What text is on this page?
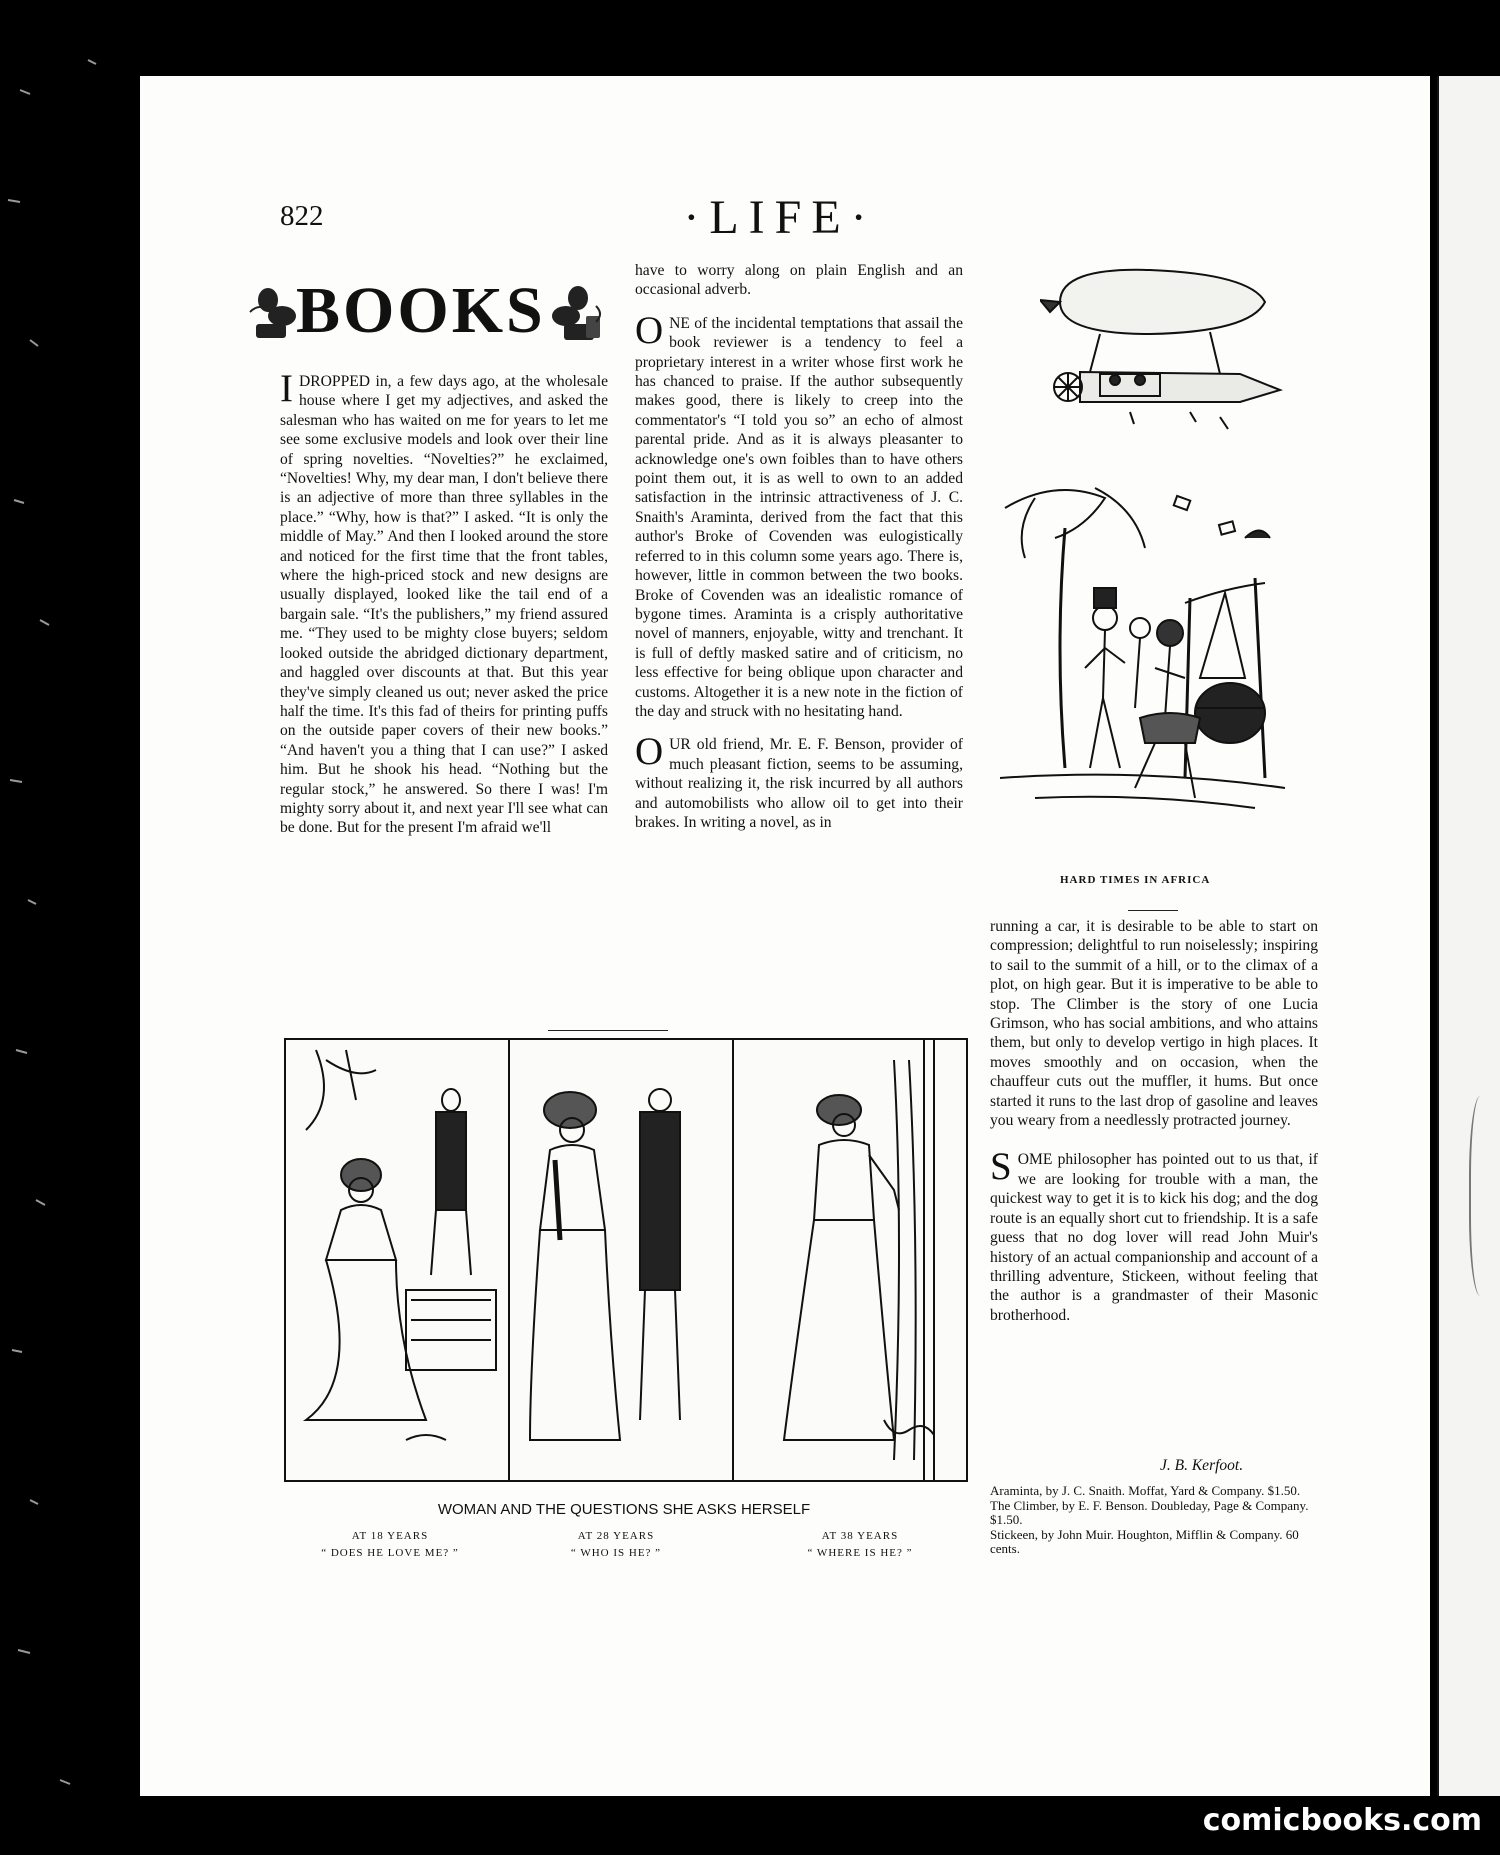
822	·LIFE·
BOOKS

IDROPPED in, a few days ago, at the wholesale house where I get my adjectives, and asked the salesman who has waited on me for years to let me see some exclusive models and look over their line of spring novelties. “Novelties?” he exclaimed, “Novelties! Why, my dear man, I don't believe there is an adjective of more than three syllables in the place.” “Why, how is that?” I asked. “It is only the middle of May.” And then I looked around the store and noticed for the first time that the front tables, where the high-priced stock and new designs are usually displayed, looked like the tail end of a bargain sale. “It's the publishers,” my friend assured me. “They used to be mighty close buyers; seldom looked outside the abridged dictionary department, and haggled over discounts at that. But this year they've simply cleaned us out; never asked the price half the time. It's this fad of theirs for printing puffs on the outside paper covers of their new books.” “And haven't you a thing that I can use?” I asked him. But he shook his head. “Nothing but the regular stock,” he answered. So there I was! I'm mighty sorry about it, and next year I'll see what can be done. But for the present I'm afraid we'll

have to worry along on plain English and an occasional adverb.

ONE of the incidental temptations that assail the book reviewer is a tendency to feel a proprietary interest in a writer whose first work he has chanced to praise. If the author subsequently makes good, there is likely to creep into the commentator's “I told you so” an echo of almost parental pride. And as it is always pleasanter to acknowledge one's own foibles than to have others point them out, it is as well to own to an added satisfaction in the intrinsic attractiveness of J. C. Snaith's Araminta, derived from the fact that this author's Broke of Covenden was eulogistically referred to in this column some years ago. There is, however, little in common between the two books. Broke of Covenden was an idealistic romance of bygone times. Araminta is a crisply authoritative novel of manners, enjoyable, witty and trenchant. It is full of deftly masked satire and of criticism, no less effective for being oblique upon character and customs. Altogether it is a new note in the fiction of the day and struck with no hesitating hand.

OUR old friend, Mr. E. F. Benson, provider of much pleasant fiction, seems to be assuming, without realizing it, the risk incurred by all authors and automobilists who allow oil to get into their brakes. In writing a novel, as in

HARD TIMES IN AFRICA

running a car, it is desirable to be able to start on compression; delightful to run noiselessly; inspiring to sail to the summit of a hill, or to the climax of a plot, on high gear. But it is imperative to be able to stop. The Climber is the story of one Lucia Grimson, who has social ambitions, and who attains them, but only to develop vertigo in high places. It moves smoothly and on occasion, when the chauffeur cuts out the muffler, it hums. But once started it runs to the last drop of gasoline and leaves you weary from a needlessly protracted journey.

SOME philosopher has pointed out to us that, if we are looking for trouble with a man, the quickest way to get it is to kick his dog; and the dog route is an equally short cut to friendship. It is a safe guess that no dog lover will read John Muir's history of an actual companionship and account of a thrilling adventure, Stickeen, without feeling that the author is a grandmaster of their Masonic brotherhood.

J. B. Kerfoot.
Araminta, by J. C. Snaith. Moffat, Yard & Company. $1.50.
The Climber, by E. F. Benson. Doubleday, Page & Company. $1.50.
Stickeen, by John Muir. Houghton, Mifflin & Company. 60 cents.
WOMAN AND THE QUESTIONS SHE ASKS HERSELF
AT 18 YEARS
“ DOES HE LOVE ME? ”
AT 28 YEARS
“ WHO IS HE? ”
AT 38 YEARS
“ WHERE IS HE? ”
comicbooks.com
